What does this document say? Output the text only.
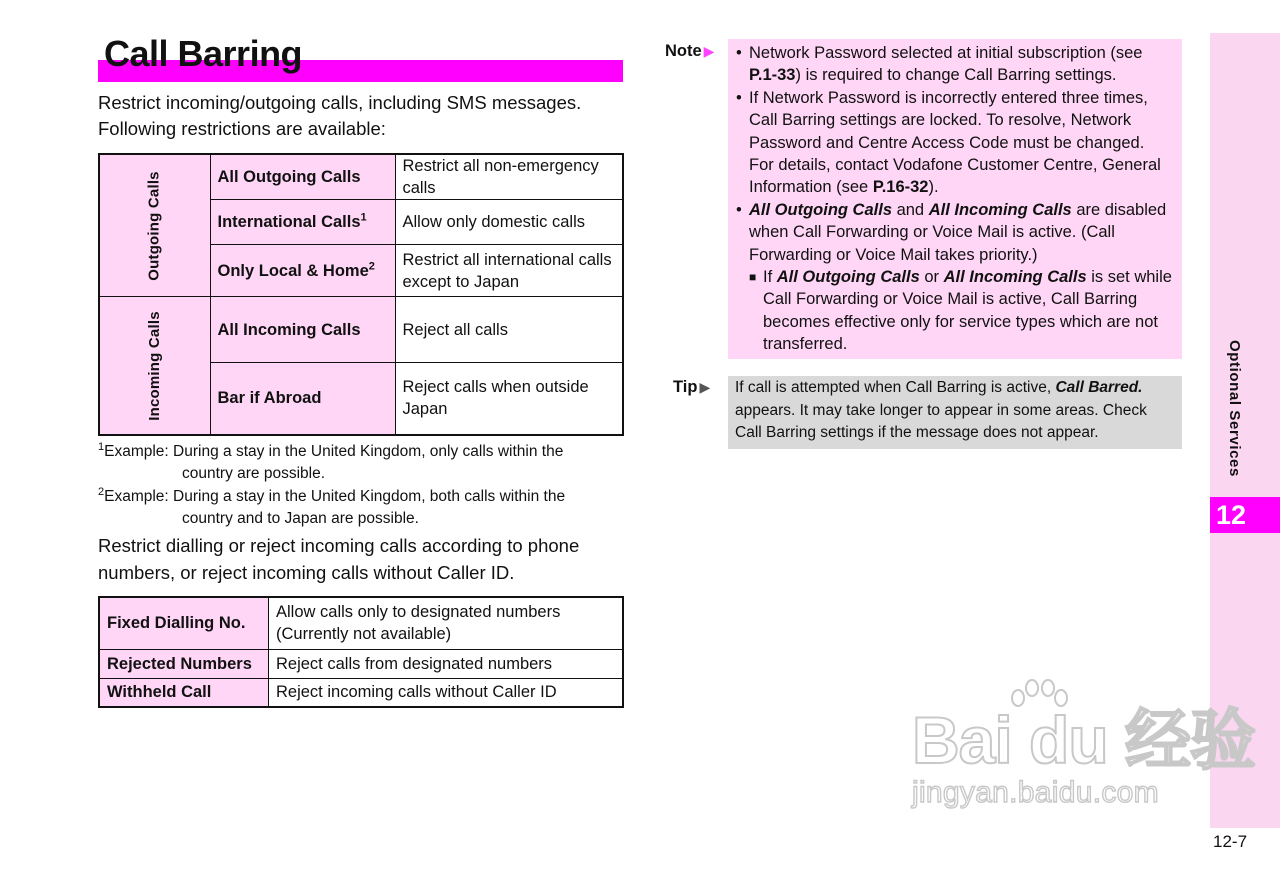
Call Barring
Restrict incoming/outgoing calls, including SMS messages.
Following restrictions are available:
Outgoing Calls	All Outgoing Calls	Restrict all non-emergency calls
	International Calls$^1$	Allow only domestic calls
	Only Local & Home$^2$	Restrict all international calls except to Japan
Incoming Calls	All Incoming Calls	Reject all calls
	Bar if Abroad	Reject calls when outside Japan
$^1$Example: During a stay in the United Kingdom, only calls within the
country are possible.
$^2$Example: During a stay in the United Kingdom, both calls within the
country and to Japan are possible.
Restrict dialling or reject incoming calls according to phone
numbers, or reject incoming calls without Caller ID.
Fixed Dialling No.	Allow calls only to designated numbers
(Currently not available)

Rejected Numbers	Reject calls from designated numbers
Withheld Call	Reject incoming calls without Caller ID
Note ▶ • Network Password selected at initial subscription (see P.1-33) is required to change Call Barring settings.
• If Network Password is incorrectly entered three times, Call Barring settings are locked. To resolve, Network Password and Centre Access Code must be changed. For details, contact Vodafone Customer Centre, General Information (see P.16-32).
• All Outgoing Calls and All Incoming Calls are disabled when Call Forwarding or Voice Mail is active. (Call Forwarding or Voice Mail takes priority.)
■ If All Outgoing Calls or All Incoming Calls is set while Call Forwarding or Voice Mail is active, Call Barring becomes effective only for service types which are not transferred.
Tip ▶	If call is attempted when Call Barring is active, Call Barred. appears. It may take longer to appear in some areas. Check Call Barring settings if the message does not appear.	Optional Services
12
12-7
Bai du 经验
jingyan.baidu.com
